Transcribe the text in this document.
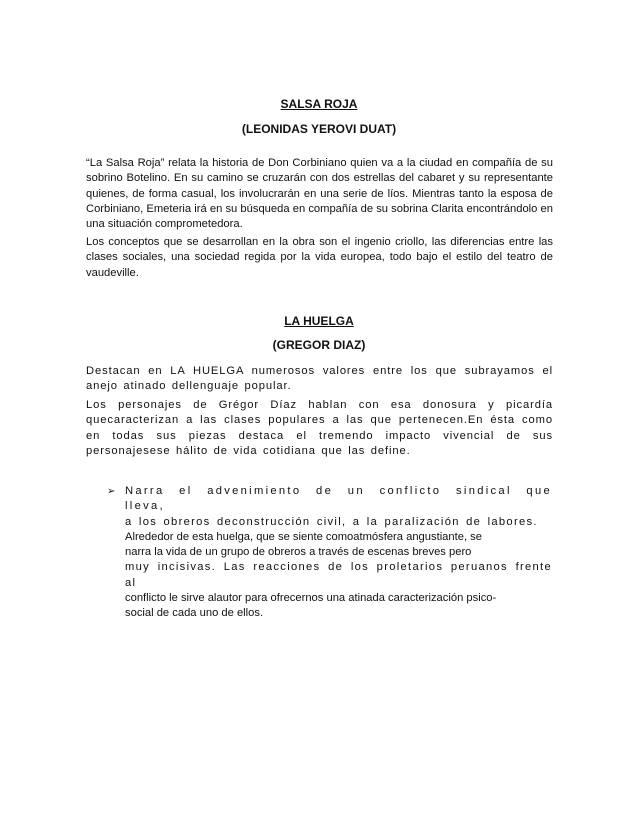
SALSA ROJA
(LEONIDAS YEROVI DUAT)

“La Salsa Roja” relata la historia de Don Corbiniano quien va a la ciudad en compañía de su sobrino Botelino. En su camino se cruzarán con dos estrellas del cabaret y su representante quienes, de forma casual, los involucrarán en una serie de líos. Mientras tanto la esposa de Corbiniano, Emeteria irá en su búsqueda en compañía de su sobrina Clarita encontrándolo en una situación comprometedora.

Los conceptos que se desarrollan en la obra son el ingenio criollo, las diferencias entre las clases sociales, una sociedad regida por la vida europea, todo bajo el estilo del teatro de vaudeville.

LA HUELGA
(GREGOR DIAZ)

Destacan en LA HUELGA numerosos valores entre los que subrayamos el anejo atinado dellenguaje popular.

Los personajes de Grégor Díaz hablan con esa donosura y picardía quecaracterizan a las clases populares a las que pertenecen.En ésta como en todas sus piezas destaca el tremendo impacto vivencial de sus personajesese hálito de vida cotidiana que las define.

➢ Narra el advenimiento de un conflicto sindical que lleva,
a los obreros deconstrucción civil, a la paralización de labores.
Alrededor de esta huelga, que se siente comoatmósfera angustiante, se
narra la vida de un grupo de obreros a través de escenas breves pero
muy incisivas. Las reacciones de los proletarios peruanos frente al
conflicto le sirve alautor para ofrecernos una atinada caracterización psico-
social de cada uno de ellos.
